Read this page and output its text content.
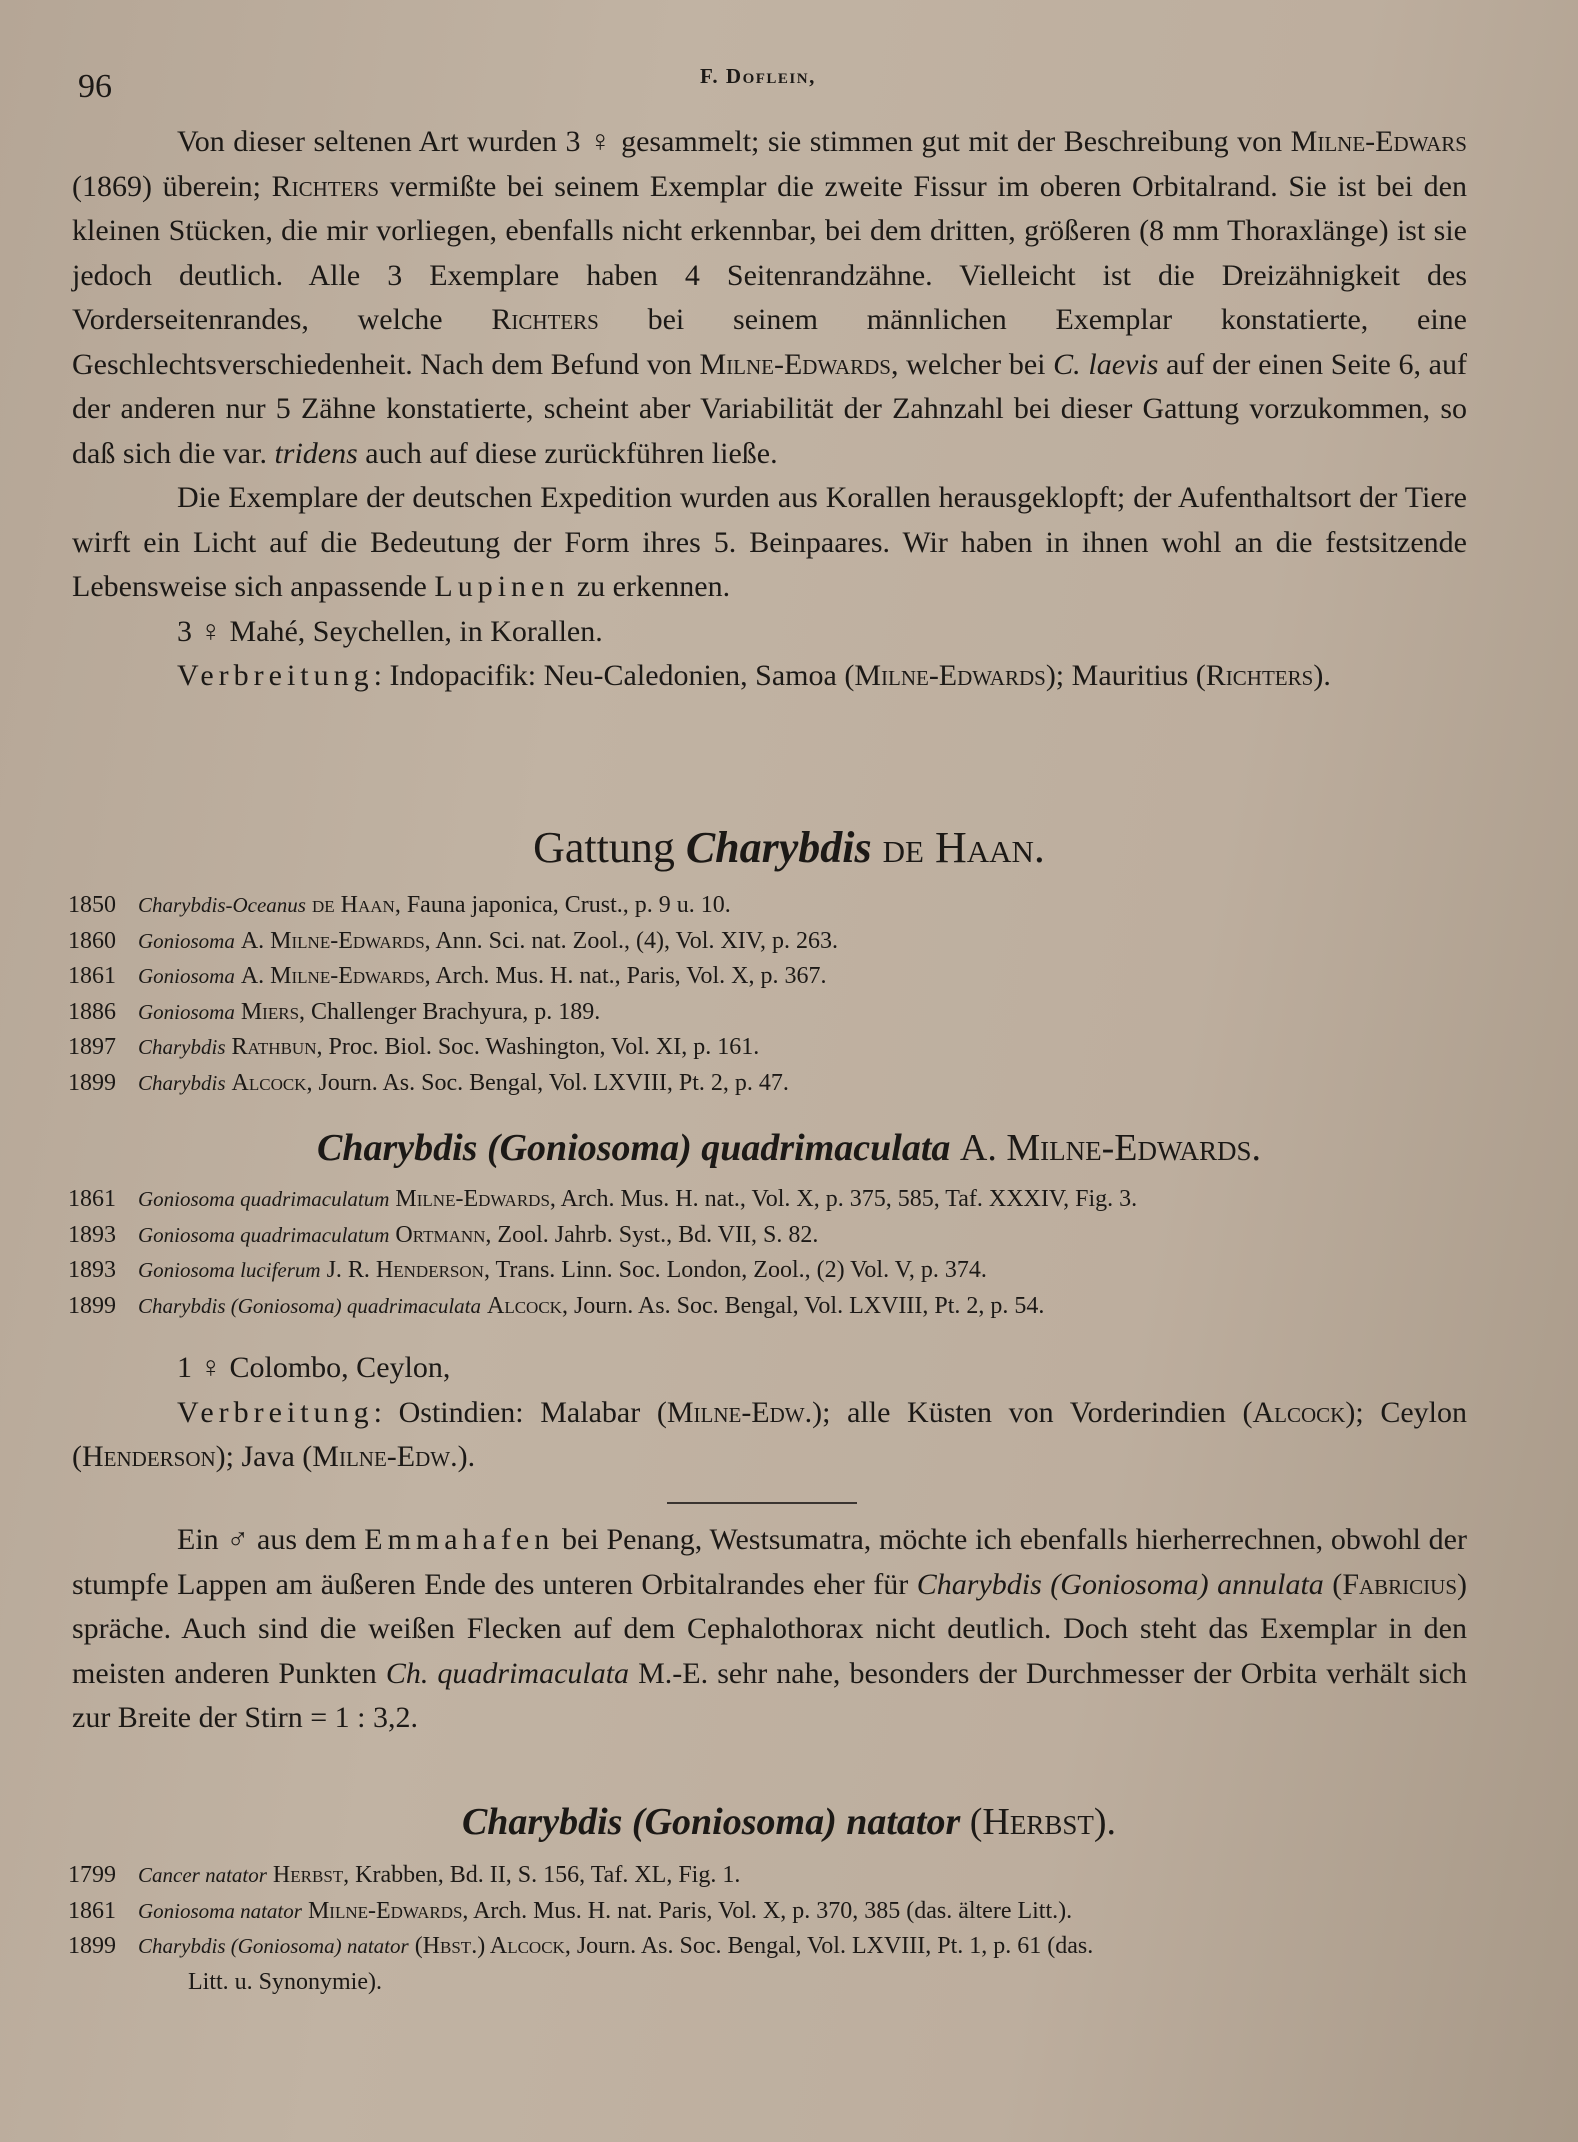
96	F. Doflein,

Von dieser seltenen Art wurden 3 ♀ gesammelt; sie stimmen gut mit der Beschreibung von Milne-Edwars (1869) überein; Richters vermißte bei seinem Exemplar die zweite Fissur im oberen Orbitalrand. Sie ist bei den kleinen Stücken, die mir vorliegen, ebenfalls nicht erkennbar, bei dem dritten, größeren (8 mm Thoraxlänge) ist sie jedoch deutlich. Alle 3 Exemplare haben 4 Seitenrandzähne. Vielleicht ist die Dreizähnigkeit des Vorderseitenrandes, welche Richters bei seinem männlichen Exemplar konstatierte, eine Geschlechtsverschiedenheit. Nach dem Befund von Milne-Edwards, welcher bei C. laevis auf der einen Seite 6, auf der anderen nur 5 Zähne konstatierte, scheint aber Variabilität der Zahnzahl bei dieser Gattung vorzukommen, so daß sich die var. tridens auch auf diese zurückführen ließe.

Die Exemplare der deutschen Expedition wurden aus Korallen herausgeklopft; der Aufenthaltsort der Tiere wirft ein Licht auf die Bedeutung der Form ihres 5. Beinpaares. Wir haben in ihnen wohl an die festsitzende Lebensweise sich anpassende Lupinen zu erkennen.

3 ♀ Mahé, Seychellen, in Korallen.

Verbreitung: Indopacifik: Neu-Caledonien, Samoa (Milne-Edwards); Mauritius (Richters).

Gattung Charybdis de Haan.
1850 Charybdis-Oceanus de Haan, Fauna japonica, Crust., p. 9 u. 10.
1860 Goniosoma A. Milne-Edwards, Ann. Sci. nat. Zool., (4), Vol. XIV, p. 263.
1861 Goniosoma A. Milne-Edwards, Arch. Mus. H. nat., Paris, Vol. X, p. 367.
1886 Goniosoma Miers, Challenger Brachyura, p. 189.
1897 Charybdis Rathbun, Proc. Biol. Soc. Washington, Vol. XI, p. 161.
1899 Charybdis Alcock, Journ. As. Soc. Bengal, Vol. LXVIII, Pt. 2, p. 47.
Charybdis (Goniosoma) quadrimaculata A. Milne-Edwards.
1861 Goniosoma quadrimaculatum Milne-Edwards, Arch. Mus. H. nat., Vol. X, p. 375, 585, Taf. XXXIV, Fig. 3.
1893 Goniosoma quadrimaculatum Ortmann, Zool. Jahrb. Syst., Bd. VII, S. 82.
1893 Goniosoma luciferum J. R. Henderson, Trans. Linn. Soc. London, Zool., (2) Vol. V, p. 374.
1899 Charybdis (Goniosoma) quadrimaculata Alcock, Journ. As. Soc. Bengal, Vol. LXVIII, Pt. 2, p. 54.

1 ♀ Colombo, Ceylon,

Verbreitung: Ostindien: Malabar (Milne-Edw.); alle Küsten von Vorderindien (Alcock); Ceylon (Henderson); Java (Milne-Edw.).

Ein ♂ aus dem Emmahafen bei Penang, Westsumatra, möchte ich ebenfalls hierherrechnen, obwohl der stumpfe Lappen am äußeren Ende des unteren Orbitalrandes eher für Charybdis (Goniosoma) annulata (Fabricius) spräche. Auch sind die weißen Flecken auf dem Cephalothorax nicht deutlich. Doch steht das Exemplar in den meisten anderen Punkten Ch. quadrimaculata M.-E. sehr nahe, besonders der Durchmesser der Orbita verhält sich zur Breite der Stirn = 1 : 3,2.

Charybdis (Goniosoma) natator (Herbst).
1799 Cancer natator Herbst, Krabben, Bd. II, S. 156, Taf. XL, Fig. 1.
1861 Goniosoma natator Milne-Edwards, Arch. Mus. H. nat. Paris, Vol. X, p. 370, 385 (das. ältere Litt.).
1899 Charybdis (Goniosoma) natator (Hbst.) Alcock, Journ. As. Soc. Bengal, Vol. LXVIII, Pt. 1, p. 61 (das.
Litt. u. Synonymie).
